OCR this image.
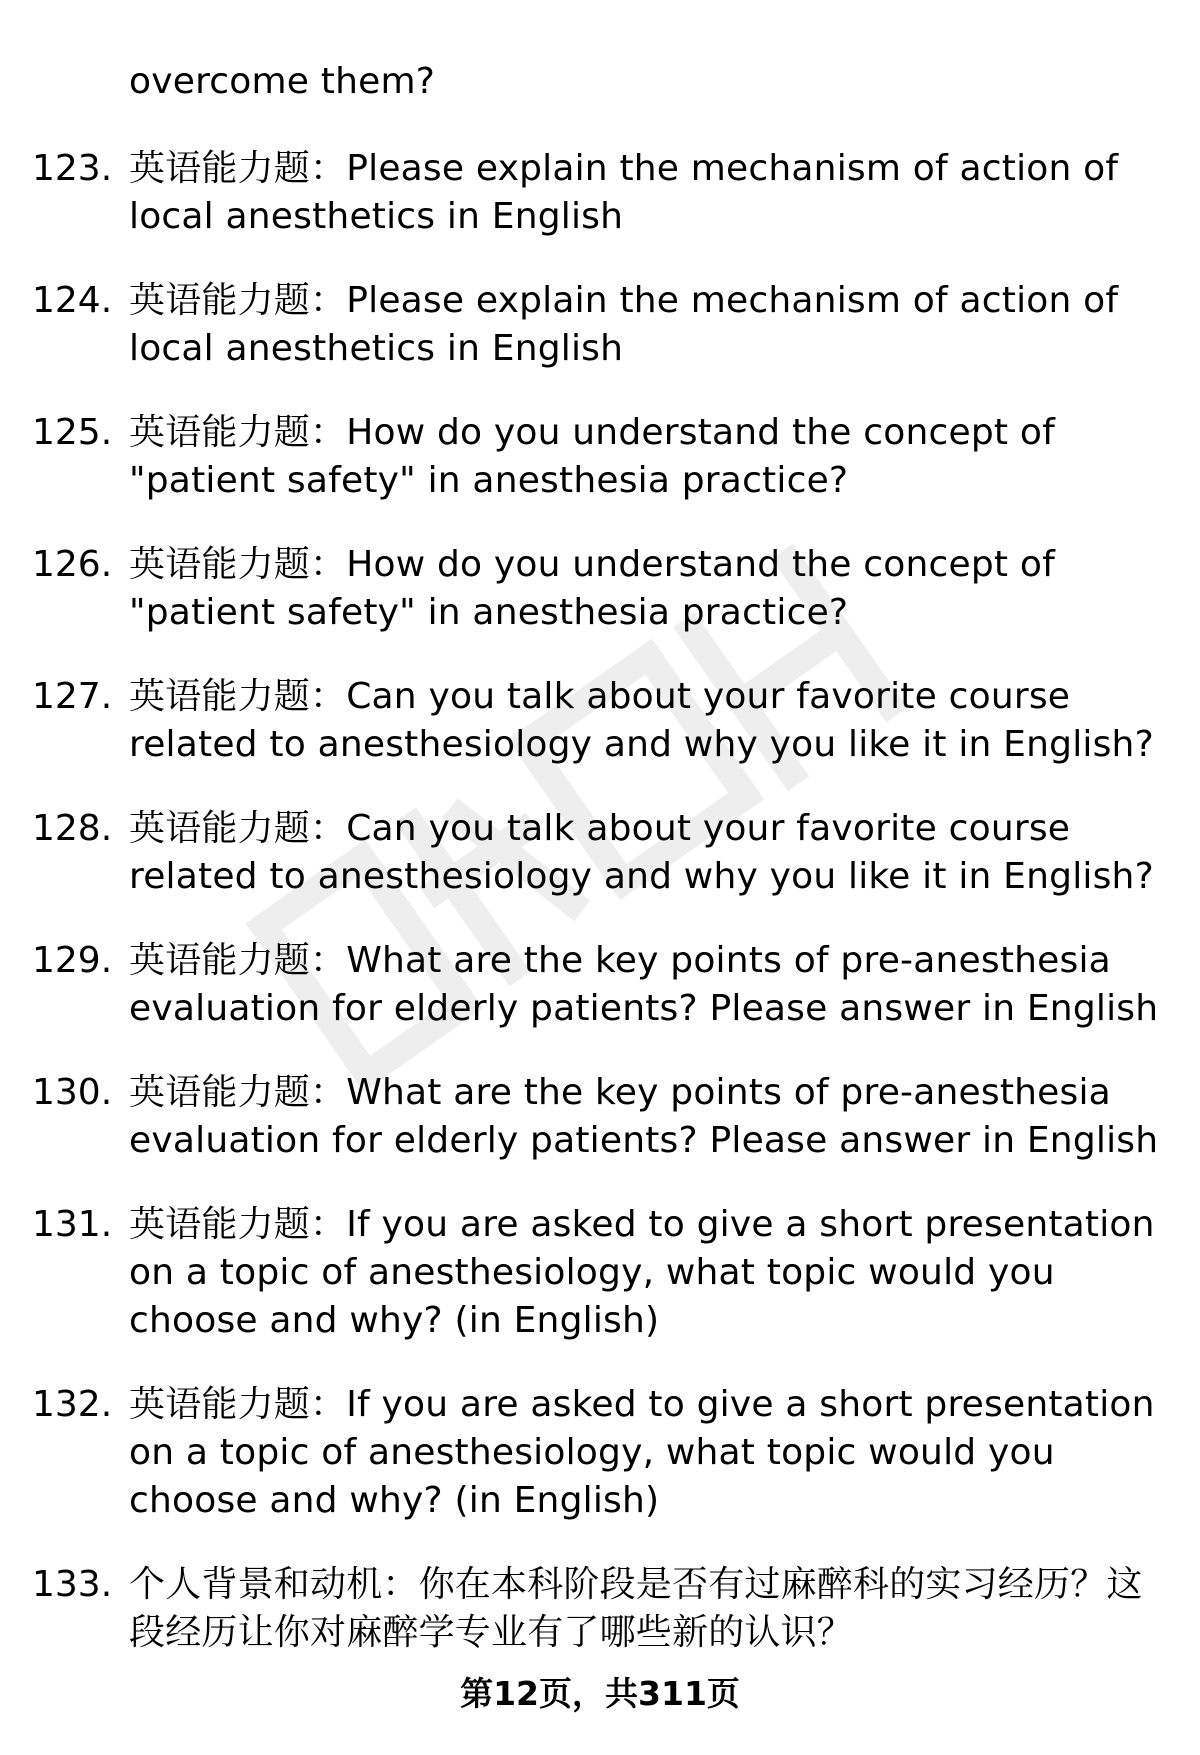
overcome them?
123. 英语能力题：Please explain the mechanism of action of local anesthetics in English
124. 英语能力题：Please explain the mechanism of action of local anesthetics in English
125. 英语能力题：How do you understand the concept of "patient safety" in anesthesia practice?
126. 英语能力题：How do you understand the concept of "patient safety" in anesthesia practice?
127. 英语能力题：Can you talk about your favorite course related to anesthesiology and why you like it in English?
128. 英语能力题：Can you talk about your favorite course related to anesthesiology and why you like it in English?
129. 英语能力题：What are the key points of pre-anesthesia evaluation for elderly patients? Please answer in English
130. 英语能力题：What are the key points of pre-anesthesia evaluation for elderly patients? Please answer in English
131. 英语能力题：If you are asked to give a short presentation on a topic of anesthesiology, what topic would you choose and why? (in English)
132. 英语能力题：If you are asked to give a short presentation on a topic of anesthesiology, what topic would you choose and why? (in English)
133. 个人背景和动机：你在本科阶段是否有过麻醉科的实习经历？这段经历让你对麻醉学专业有了哪些新的认识？
第12页，共311页
